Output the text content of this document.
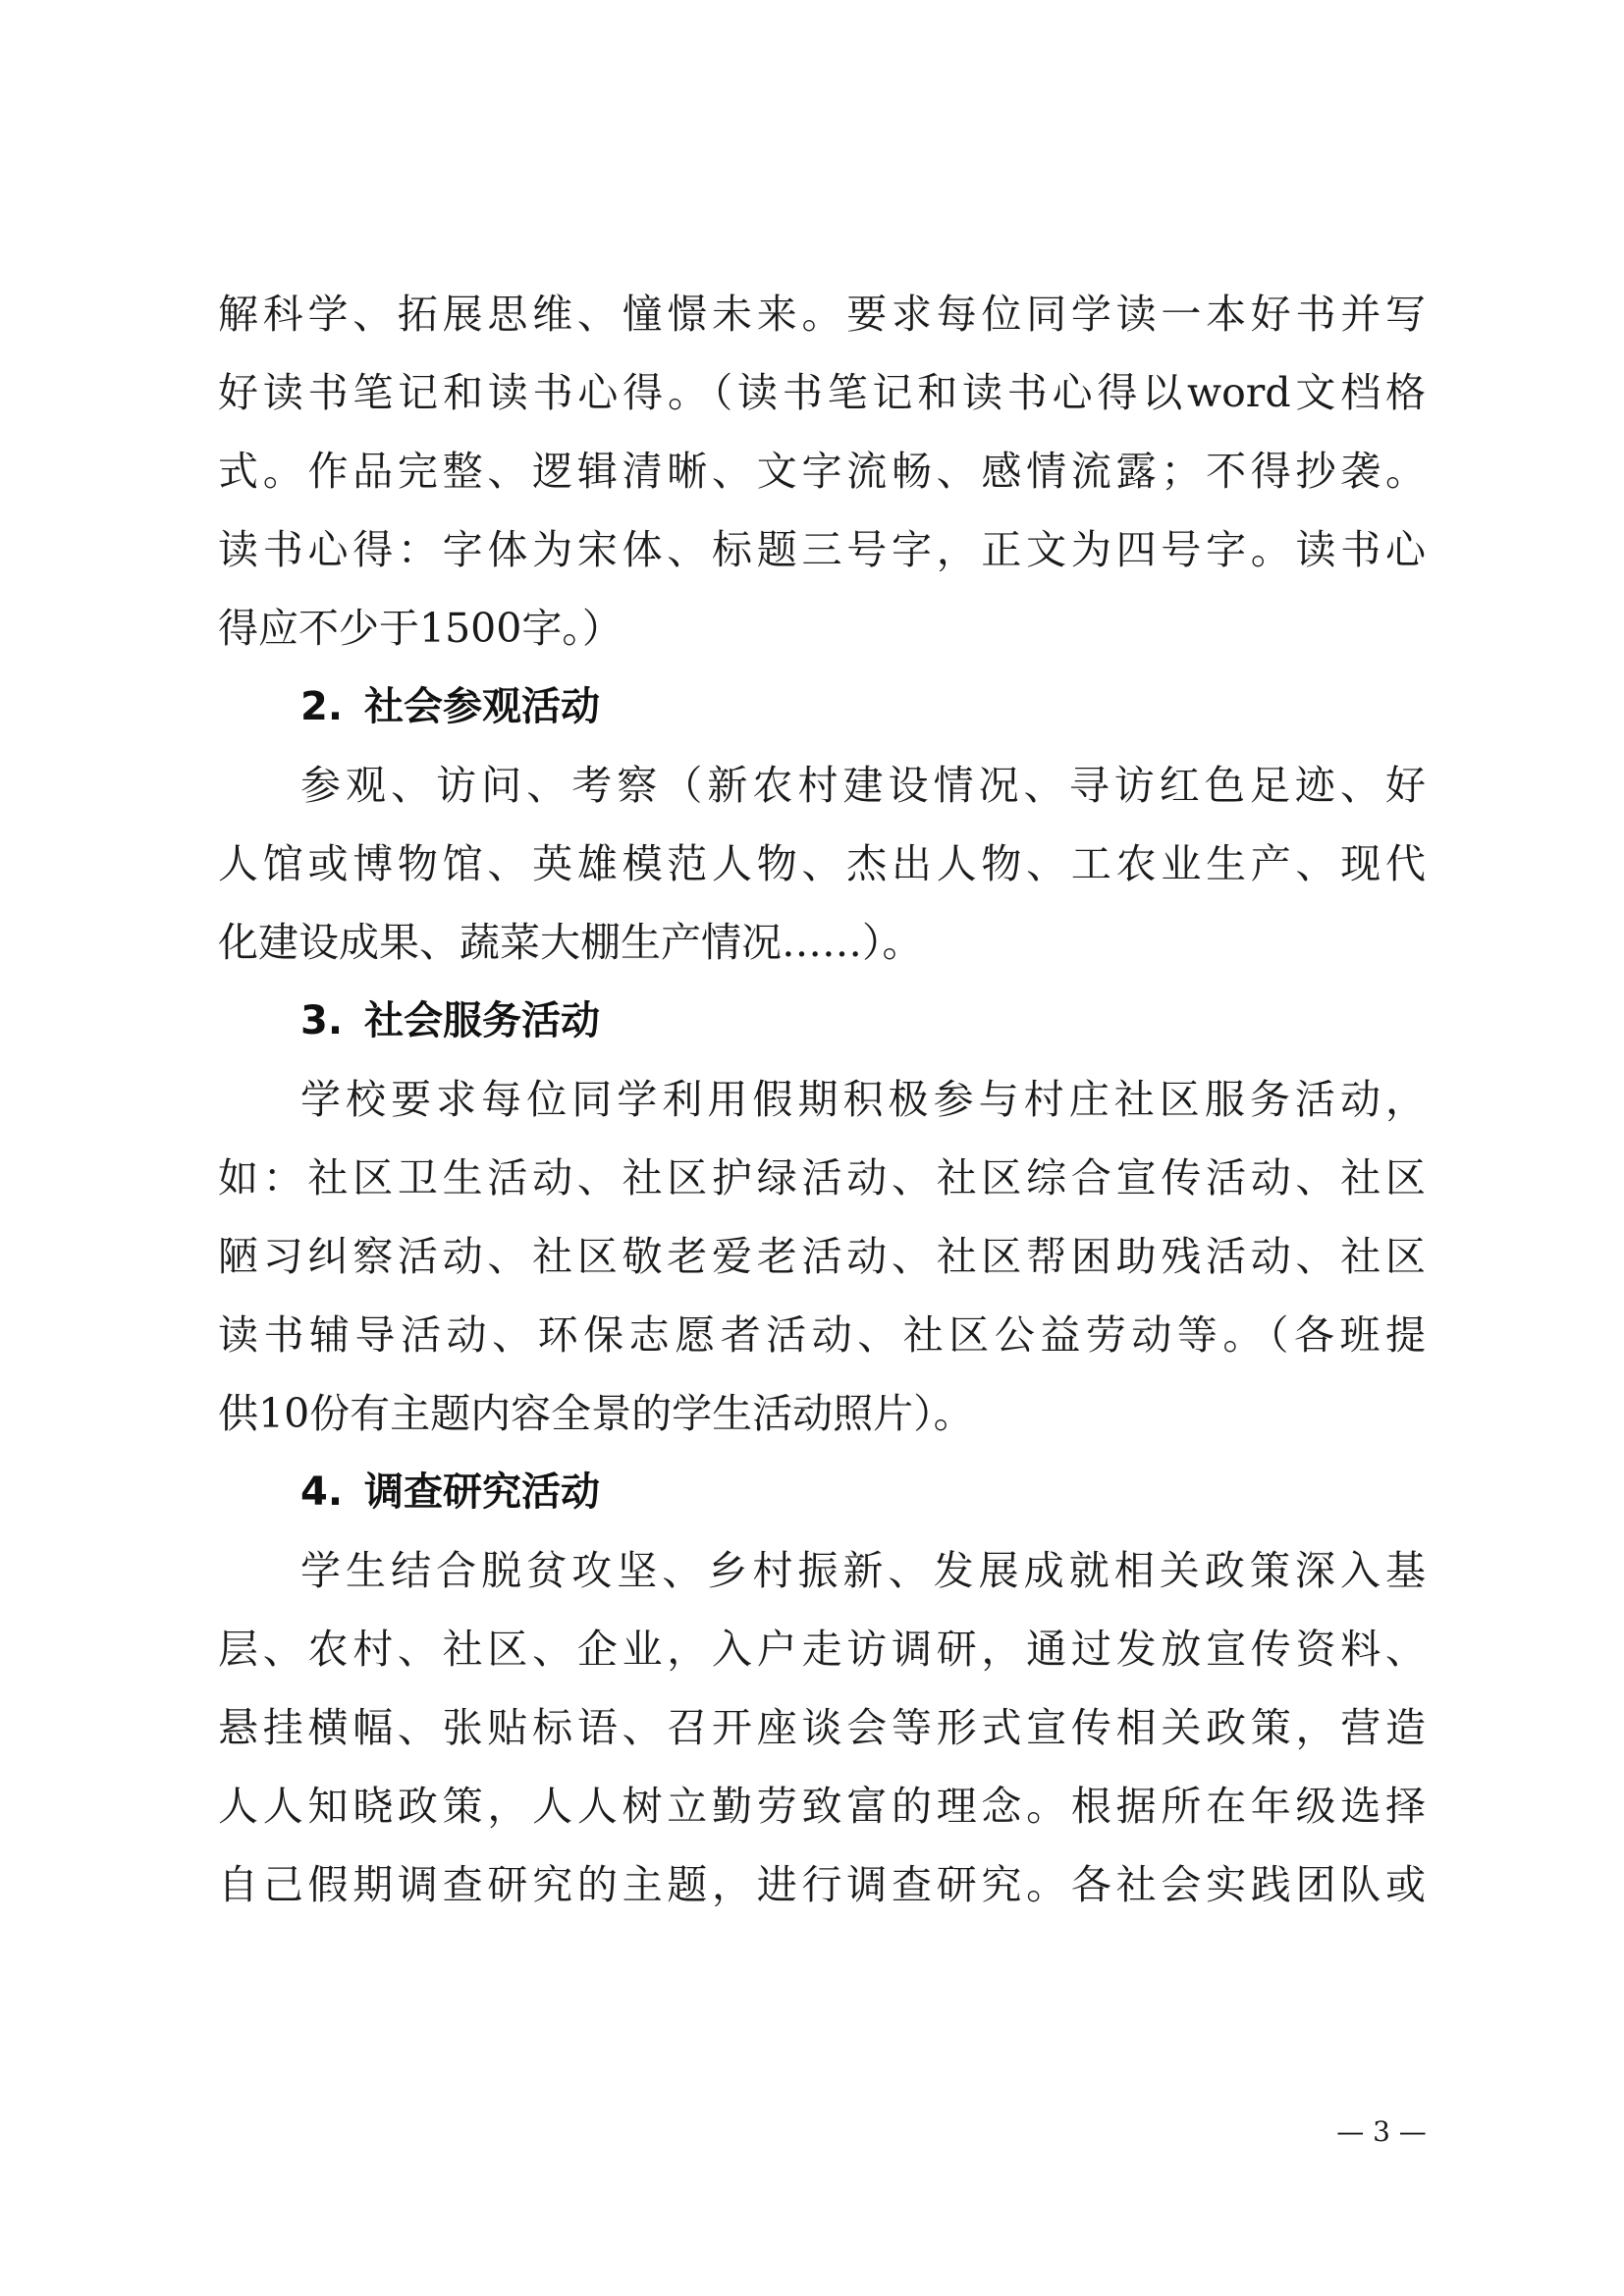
解科学、拓展思维、憧憬未来。要求每位同学读一本好书并写
好读书笔记和读书心得。（读书笔记和读书心得以word文档格
式。作品完整、逻辑清晰、文字流畅、感情流露；不得抄袭。
读书心得：字体为宋体、标题三号字，正文为四号字。读书心
得应不少于1500字。）
2. 社会参观活动
参观、访问、考察（新农村建设情况、寻访红色足迹、好
人馆或博物馆、英雄模范人物、杰出人物、工农业生产、现代
化建设成果、蔬菜大棚生产情况……）。
3. 社会服务活动
学校要求每位同学利用假期积极参与村庄社区服务活动，
如：社区卫生活动、社区护绿活动、社区综合宣传活动、社区
陋习纠察活动、社区敬老爱老活动、社区帮困助残活动、社区
读书辅导活动、环保志愿者活动、社区公益劳动等。（各班提
供10份有主题内容全景的学生活动照片）。
4. 调查研究活动
学生结合脱贫攻坚、乡村振新、发展成就相关政策深入基
层、农村、社区、企业，入户走访调研，通过发放宣传资料、
悬挂横幅、张贴标语、召开座谈会等形式宣传相关政策，营造
人人知晓政策，人人树立勤劳致富的理念。根据所在年级选择
自己假期调查研究的主题，进行调查研究。各社会实践团队或
— 3 —
